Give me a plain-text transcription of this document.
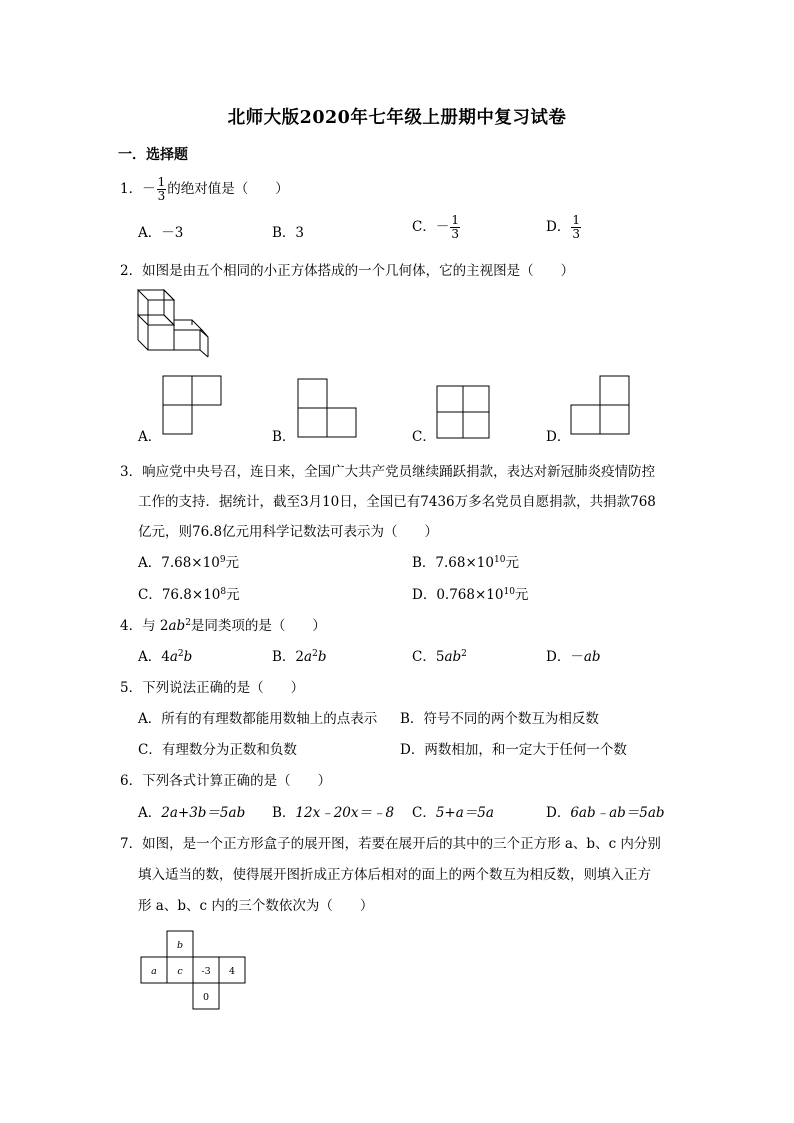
北师大版2020年七年级上册期中复习试卷
一．选择题
1．－ $\frac{1}{3}$ 的绝对值是（　　）
A．－3	B．3	C．－ $\frac{1}{3}$	D． $\frac{1}{3}$
2．如图是由五个相同的小正方体搭成的一个几何体，它的主视图是（　　）
A．	B．	C．	D．
3．响应党中央号召，连日来，全国广大共产党员继续踊跃捐款，表达对新冠肺炎疫情防控
工作的支持．据统计，截至3月10日，全国已有7436万多名党员自愿捐款，共捐款768
亿元，则76.8亿元用科学记数法可表示为（　　）
A．$7.68\times 10^9$元	B．$7.68\times 10^{10}$元
C．$76.8\times 10^8$元	D．$0.768\times 10^{10}$元
4．与 $2ab^2$是同类项的是（　　）
A．$4a^2b$	B．$2a^2b$	C．$5ab^2$	D．－ab
5．下列说法正确的是（　　）
A．所有的有理数都能用数轴上的点表示 B．符号不同的两个数互为相反数
C．有理数分为正数和负数	D．两数相加，和一定大于任何一个数
6．下列各式计算正确的是（　　）
A．2a+3b＝5ab B．12x﹣20x＝﹣8 C．5+a＝5a	D．6ab﹣ab＝5ab
7．如图，是一个正方形盒子的展开图，若要在展开后的其中的三个正方形 a、b、c 内分别
填入适当的数，使得展开图折成正方体后相对的面上的两个数互为相反数，则填入正方
形 a、b、c 内的三个数依次为（　　）
b
a c -3 4
0
